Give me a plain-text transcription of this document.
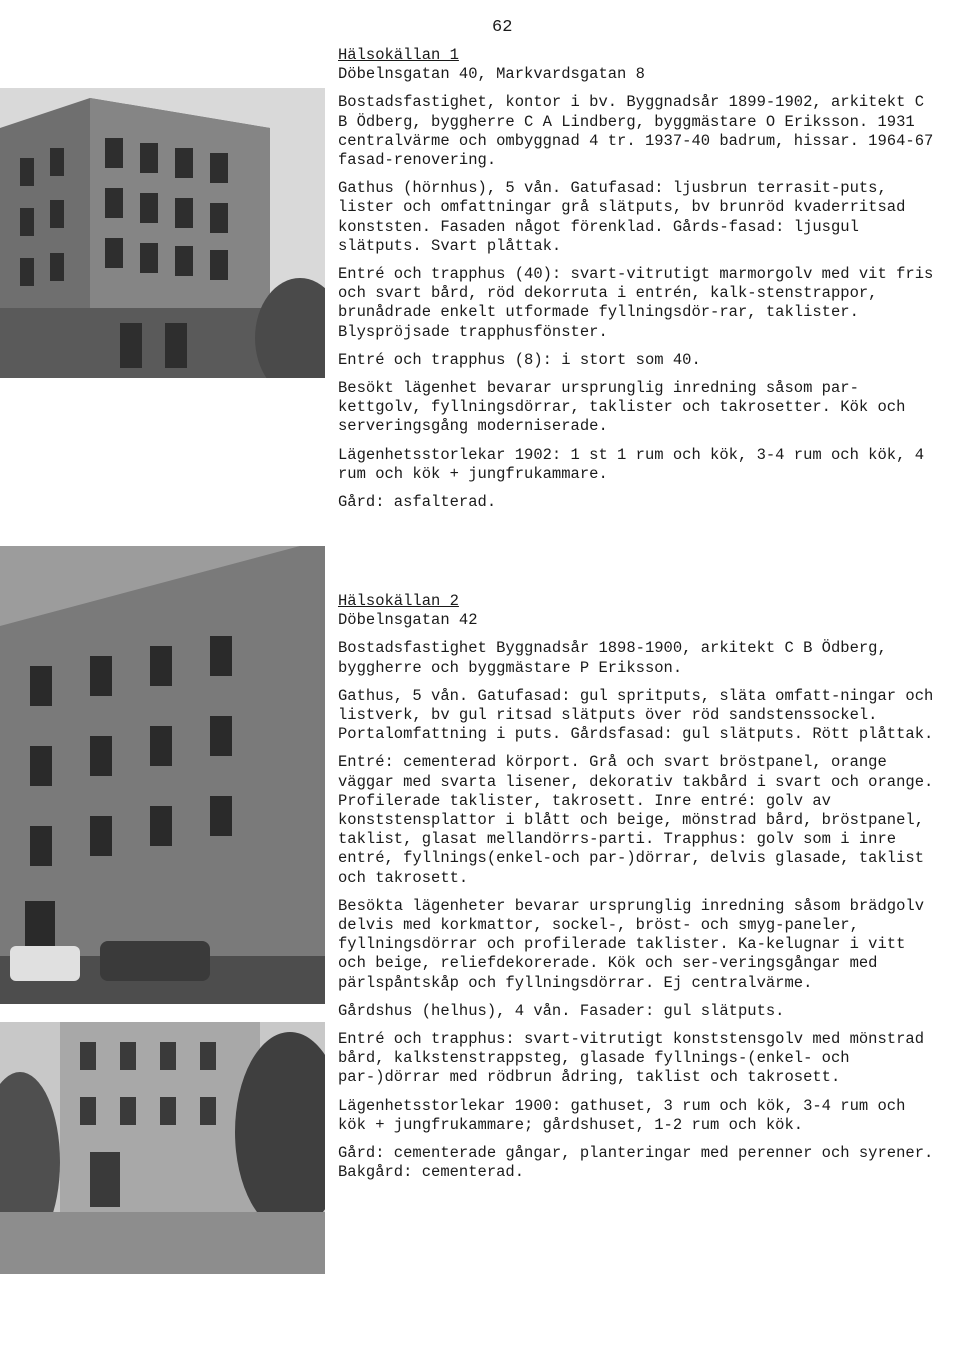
62
Hälsokällan 1
Döbelnsgatan 40, Markvardsgatan 8

Bostadsfastighet, kontor i bv. Byggnadsår 1899-1902, arkitekt C B Ödberg, byggherre C A Lindberg, byggmästare O Eriksson. 1931 centralvärme och ombyggnad 4 tr. 1937-40 badrum, hissar. 1964-67 fasad-renovering.

Gathus (hörnhus), 5 vån. Gatufasad: ljusbrun terrasit-puts, lister och omfattningar grå slätputs, bv brunröd kvaderritsad konststen. Fasaden något förenklad. Gårds-fasad: ljusgul slätputs. Svart plåttak.

Entré och trapphus (40): svart-vitrutigt marmorgolv med vit fris och svart bård, röd dekorruta i entrén, kalk-stenstrappor, brunådrade enkelt utformade fyllningsdör-rar, taklister. Blyspröjsade trapphusfönster.

Entré och trapphus (8): i stort som 40.

Besökt lägenhet bevarar ursprunglig inredning såsom par-kettgolv, fyllningsdörrar, taklister och takrosetter. Kök och serveringsgång moderniserade.

Lägenhetsstorlekar 1902: 1 st 1 rum och kök, 3-4 rum och kök, 4 rum och kök + jungfrukammare.

Gård: asfalterad.

Hälsokällan 2
Döbelnsgatan 42

Bostadsfastighet Byggnadsår 1898-1900, arkitekt C B Ödberg, byggherre och byggmästare P Eriksson.

Gathus, 5 vån. Gatufasad: gul spritputs, släta omfatt-ningar och listverk, bv gul ritsad slätputs över röd sandstenssockel. Portalomfattning i puts. Gårdsfasad: gul slätputs. Rött plåttak.

Entré: cementerad körport. Grå och svart bröstpanel, orange väggar med svarta lisener, dekorativ takbård i svart och orange. Profilerade taklister, takrosett. Inre entré: golv av konststensplattor i blått och beige, mönstrad bård, bröstpanel, taklist, glasat mellandörrs-parti. Trapphus: golv som i inre entré, fyllnings(enkel-och par-)dörrar, delvis glasade, taklist och takrosett.

Besökta lägenheter bevarar ursprunglig inredning såsom brädgolv delvis med korkmattor, sockel-, bröst- och smyg-paneler, fyllningsdörrar och profilerade taklister. Ka-kelugnar i vitt och beige, reliefdekorerade. Kök och ser-veringsgångar med pärlspåntskåp och fyllningsdörrar. Ej centralvärme.

Gårdshus (helhus), 4 vån. Fasader: gul slätputs.

Entré och trapphus: svart-vitrutigt konststensgolv med mönstrad bård, kalkstenstrappsteg, glasade fyllnings-(enkel- och par-)dörrar med rödbrun ådring, taklist och takrosett.

Lägenhetsstorlekar 1900: gathuset, 3 rum och kök, 3-4 rum och kök + jungfrukammare; gårdshuset, 1-2 rum och kök.

Gård: cementerade gångar, planteringar med perenner och syrener. Bakgård: cementerad.
